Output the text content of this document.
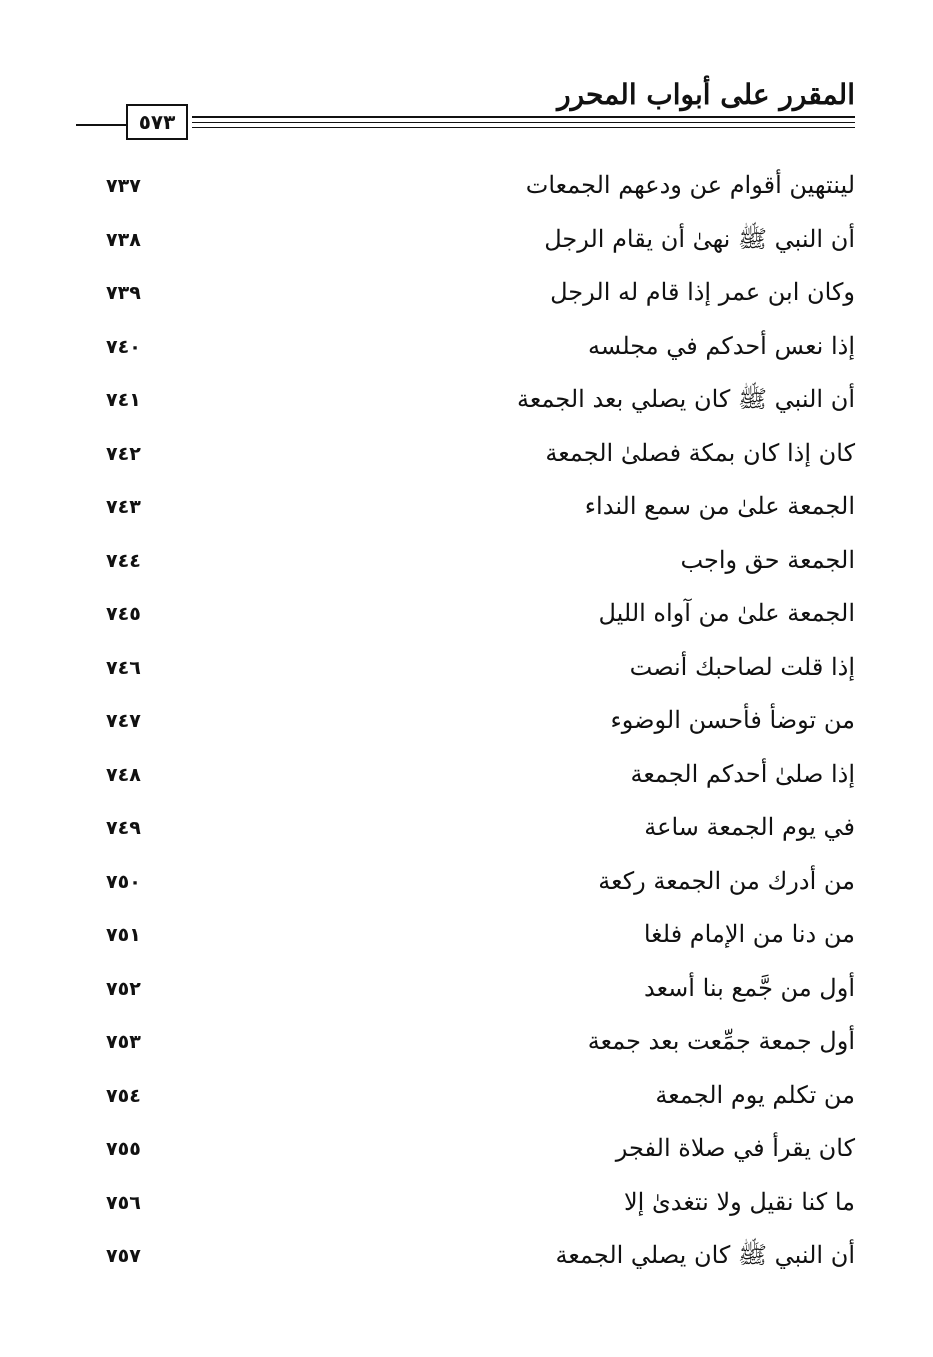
المقرر على أبواب المحرر
٥٧٣
لينتهين أقوام عن ودعهم الجمعات
٧٣٧
أن النبي ﷺ نهىٰ أن يقام الرجل
٧٣٨
وكان ابن عمر إذا قام له الرجل
٧٣٩
إذا نعس أحدكم في مجلسه
٧٤٠
أن النبي ﷺ كان يصلي بعد الجمعة
٧٤١
كان إذا كان بمكة فصلىٰ الجمعة
٧٤٢
الجمعة علىٰ من سمع النداء
٧٤٣
الجمعة حق واجب
٧٤٤
الجمعة علىٰ من آواه الليل
٧٤٥
إذا قلت لصاحبك أنصت
٧٤٦
من توضأ فأحسن الوضوء
٧٤٧
إذا صلىٰ أحدكم الجمعة
٧٤٨
في يوم الجمعة ساعة
٧٤٩
من أدرك من الجمعة ركعة
٧٥٠
من دنا من الإمام فلغا
٧٥١
أول من جَّمع بنا أسعد
٧٥٢
أول جمعة جمِّعت بعد جمعة
٧٥٣
من تكلم يوم الجمعة
٧٥٤
كان يقرأ في صلاة الفجر
٧٥٥
ما كنا نقيل ولا نتغدىٰ إلا
٧٥٦
أن النبي ﷺ كان يصلي الجمعة
٧٥٧
